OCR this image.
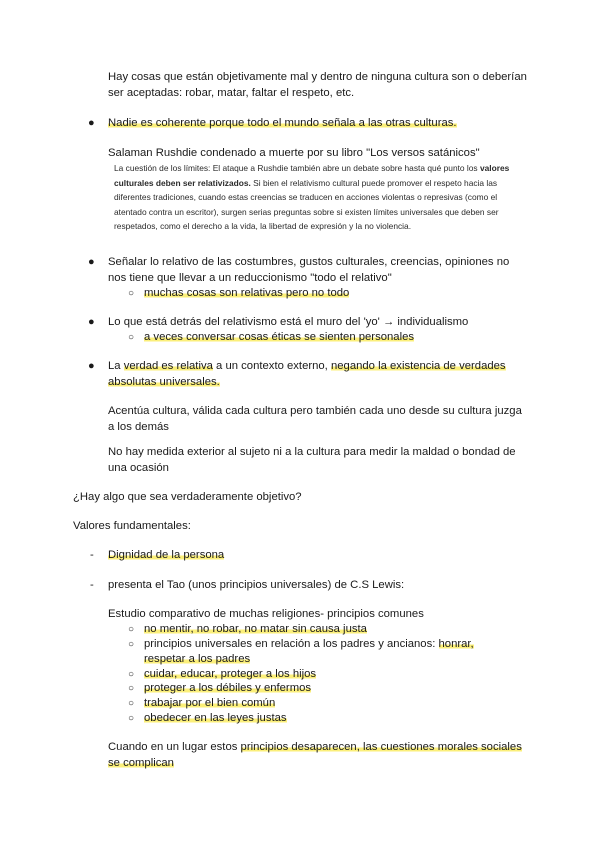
Hay cosas que están objetivamente mal y dentro de ninguna cultura son o deberían ser aceptadas: robar, matar, faltar el respeto, etc.
● Nadie es coherente porque todo el mundo señala a las otras culturas.
Salaman Rushdie condenado a muerte por su libro "Los versos satánicos"
La cuestión de los límites: El ataque a Rushdie también abre un debate sobre hasta qué punto los valores culturales deben ser relativizados. Si bien el relativismo cultural puede promover el respeto hacia las diferentes tradiciones, cuando estas creencias se traducen en acciones violentas o represivas (como el atentado contra un escritor), surgen serias preguntas sobre si existen límites universales que deben ser respetados, como el derecho a la vida, la libertad de expresión y la no violencia.
● Señalar lo relativo de las costumbres, gustos culturales, creencias, opiniones no nos tiene que llevar a un reduccionismo "todo el relativo"
○ muchas cosas son relativas pero no todo
● Lo que está detrás del relativismo está el muro del 'yo' → individualismo
○ a veces conversar cosas éticas se sienten personales
● La verdad es relativa a un contexto externo, negando la existencia de verdades absolutas universales.
Acentúa cultura, válida cada cultura pero también cada uno desde su cultura juzga a los demás
No hay medida exterior al sujeto ni a la cultura para medir la maldad o bondad de una ocasión
¿Hay algo que sea verdaderamente objetivo?
Valores fundamentales:
- Dignidad de la persona
- presenta el Tao (unos principios universales) de C.S Lewis:
Estudio comparativo de muchas religiones- principios comunes
○ no mentir, no robar, no matar sin causa justa
○ principios universales en relación a los padres y ancianos: honrar, respetar a los padres
○ cuidar, educar, proteger a los hijos
○ proteger a los débiles y enfermos
○ trabajar por el bien común
○ obedecer en las leyes justas
Cuando en un lugar estos principios desaparecen, las cuestiones morales sociales se complican
